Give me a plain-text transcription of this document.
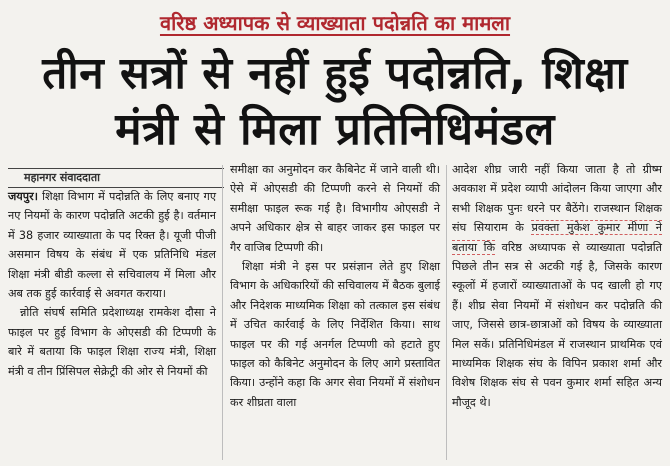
वरिष्ठ अध्यापक से व्याख्याता पदोन्नति का मामला
तीन सत्रों से नहीं हुई पदोन्नति, शिक्षा
मंत्री से मिला प्रतिनिधिमंडल
महानगर संवाददाता

जयपुर। शिक्षा विभाग में पदोन्नति के लिए बनाए गए नए नियमों के कारण पदोन्नति अटकी हुई है। वर्तमान में 38 हजार व्याख्याता के पद रिक्त है। यूजी पीजी असमान विषय के संबंध में एक प्रतिनिधि मंडल शिक्षा मंत्री बीडी कल्ला से सचिवालय में मिला और अब तक हुई कार्रवाई से अवगत कराया।

न्नोति संघर्ष समिति प्रदेशाध्यक्ष रामकेश दौसा ने फाइल पर हुई विभाग के ओएसडी की टिप्पणी के बारे में बताया कि फाइल शिक्षा राज्य मंत्री, शिक्षा मंत्री व तीन प्रिंसिपल सेक्रेट्री की ओर से नियमों की

समीक्षा का अनुमोदन कर कैबिनेट में जाने वाली थी। ऐसे में ओएसडी की टिप्पणी करने से नियमों की समीक्षा फाइल रूक गई है। विभागीय ओएसडी ने अपने अधिकार क्षेत्र से बाहर जाकर इस फाइल पर गैर वाजिब टिप्पणी की।

शिक्षा मंत्री ने इस पर प्रसंज्ञान लेते हुए शिक्षा विभाग के अधिकारियों की सचिवालय में बैठक बुलाई और निदेशक माध्यमिक शिक्षा को तत्काल इस संबंध में उचित कार्रवाई के लिए निर्देशित किया। साथ फाइल पर की गई अनर्गल टिप्पणी को हटाते हुए फाइल को कैबिनेट अनुमोदन के लिए आगे प्रस्तावित किया। उन्होंने कहा कि अगर सेवा नियमों में संशोधन कर शीघ्रता वाला

आदेश शीघ्र जारी नहीं किया जाता है तो ग्रीष्म अवकाश में प्रदेश व्यापी आंदोलन किया जाएगा और सभी शिक्षक पुनः धरने पर बैठेंगे। राजस्थान शिक्षक संघ सियाराम के प्रवक्ता मुकेश कुमार मीणा ने बताया कि वरिष्ठ अध्यापक से व्याख्याता पदोन्नति पिछले तीन सत्र से अटकी गई है, जिसके कारण स्कूलों में हजारों व्याख्याताओं के पद खाली हो गए हैं। शीघ्र सेवा नियमों में संशोधन कर पदोन्नति की जाए, जिससे छात्र-छात्राओं को विषय के व्याख्याता मिल सकें। प्रतिनिधिमंडल में राजस्थान प्राथमिक एवं माध्यमिक शिक्षक संघ के विपिन प्रकाश शर्मा और विशेष शिक्षक संघ से पवन कुमार शर्मा सहित अन्य मौजूद थे।
